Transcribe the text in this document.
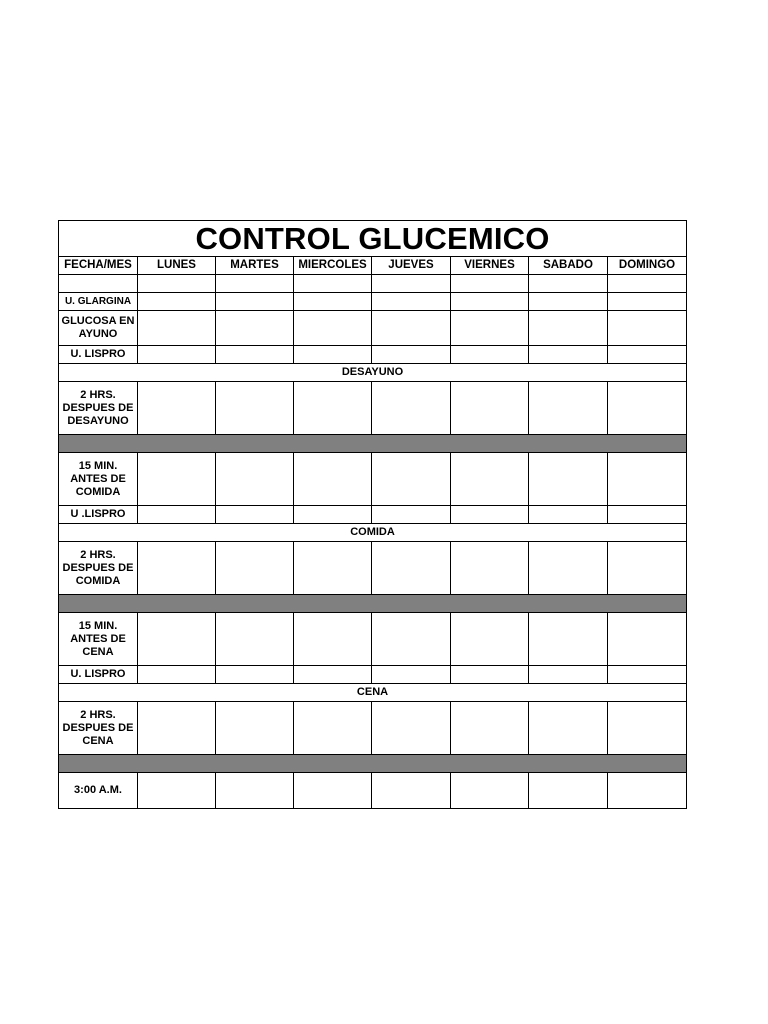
CONTROL GLUCEMICO							
FECHA/MES	LUNES	MARTES	MIERCOLES	JUEVES	VIERNES	SABADO	DOMINGO

U. GLARGINA							
GLUCOSA EN AYUNO							
U. LISPRO							
DESAYUNO							
2 HRS. DESPUES DE DESAYUNO							

15 MIN. ANTES DE COMIDA							
U .LISPRO							
COMIDA							
2 HRS. DESPUES DE COMIDA							

15 MIN. ANTES DE CENA							
U. LISPRO							
CENA							
2 HRS. DESPUES DE CENA							

3:00 A.M.							
